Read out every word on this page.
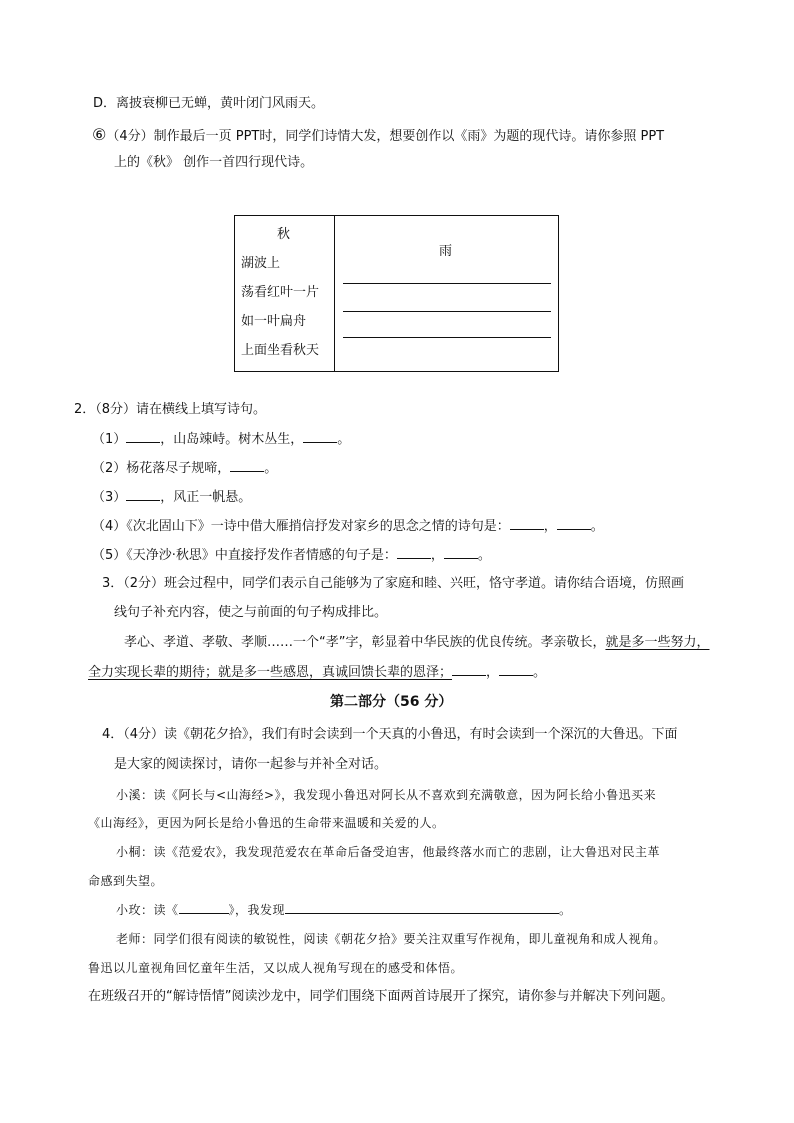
D．离披衰柳已无蝉，黄叶闭门风雨天。
⑥（4分）制作最后一页 PPT时，同学们诗情大发，想要创作以《雨》为题的现代诗。请你参照 PPT
上的《秋》 创作一首四行现代诗。
秋
湖波上
荡看红叶一片
如一叶扁舟
上面坐看秋天

雨
2．（8分）请在横线上填写诗句。
（1）	，山岛竦峙。树木丛生，	。
（2）杨花落尽子规啼，	。
（3）	，风正一帆悬。
（4）《次北固山下》一诗中借大雁捎信抒发对家乡的思念之情的诗句是：	，	。
（5）《天净沙·秋思》中直接抒发作者情感的句子是：	，	。
3．（2分）班会过程中，同学们表示自己能够为了家庭和睦、兴旺，恪守孝道。请你结合语境，仿照画
线句子补充内容，使之与前面的句子构成排比。
孝心、孝道、孝敬、孝顺……一个“孝”字，彰显着中华民族的优良传统。孝亲敬长，就是多一些努力，
全力实现长辈的期待；就是多一些感恩，真诚回馈长辈的恩泽；	，	。
第二部分（56 分）
4．（4分）读《朝花夕拾》，我们有时会读到一个天真的小鲁迅，有时会读到一个深沉的大鲁迅。下面
是大家的阅读探讨，请你一起参与并补全对话。
小溪：读《阿长与<山海经>》，我发现小鲁迅对阿长从不喜欢到充满敬意，因为阿长给小鲁迅买来
《山海经》，更因为阿长是给小鲁迅的生命带来温暖和关爱的人。
小桐：读《范爱农》，我发现范爱农在革命后备受迫害，他最终落水而亡的悲剧，让大鲁迅对民主革
命感到失望。
小玫：读《	》，我发现	。
老师：同学们很有阅读的敏锐性，阅读《朝花夕拾》要关注双重写作视角，即儿童视角和成人视角。
鲁迅以儿童视角回忆童年生活，又以成人视角写现在的感受和体悟。
在班级召开的“解诗悟情”阅读沙龙中，同学们围绕下面两首诗展开了探究，请你参与并解决下列问题。
